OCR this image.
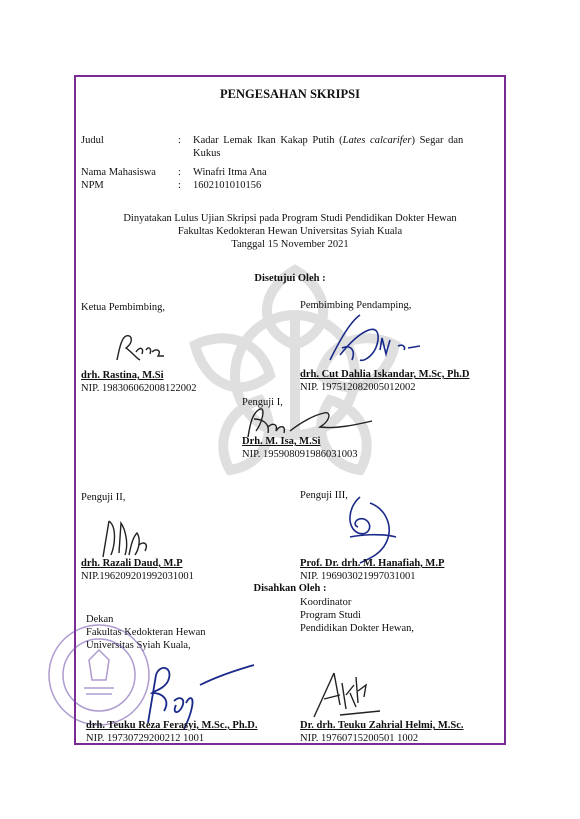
PENGESAHAN SKRIPSI
Judul	: Kadar Lemak Ikan Kakap Putih (Lates calcarifer) Segar dan
Kukus
Nama Mahasiswa : Winafri Itma Ana
NPM	: 1602101010156
Dinyatakan Lulus Ujian Skripsi pada Program Studi Pendidikan Dokter Hewan
Fakultas Kedokteran Hewan Universitas Syiah Kuala
Tanggal 15 November 2021
Disetujui Oleh :
Ketua Pembimbing,	Pembimbing Pendamping,
drh. Rastina, M.Si
NIP. 198306062008122002
drh. Cut Dahlia Iskandar, M.Sc, Ph.D
NIP. 197512082005012002
Penguji I,
Drh. M. Isa, M.Si
NIP. 195908091986031003
Penguji II,	Penguji III,
drh. Razali Daud, M.P
NIP.196209201992031001
Prof. Dr. drh. M. Hanafiah, M.P
NIP. 196903021997031001
Disahkan Oleh :
Dekan
Fakultas Kedokteran Hewan
Universitas Syiah Kuala,
Koordinator
Program Studi
Pendidikan Dokter Hewan,
drh. Teuku Reza Ferasyi, M.Sc., Ph.D.
NIP. 19730729200212 1001
Dr. drh. Teuku Zahrial Helmi, M.Sc.
NIP. 19760715200501 1002
